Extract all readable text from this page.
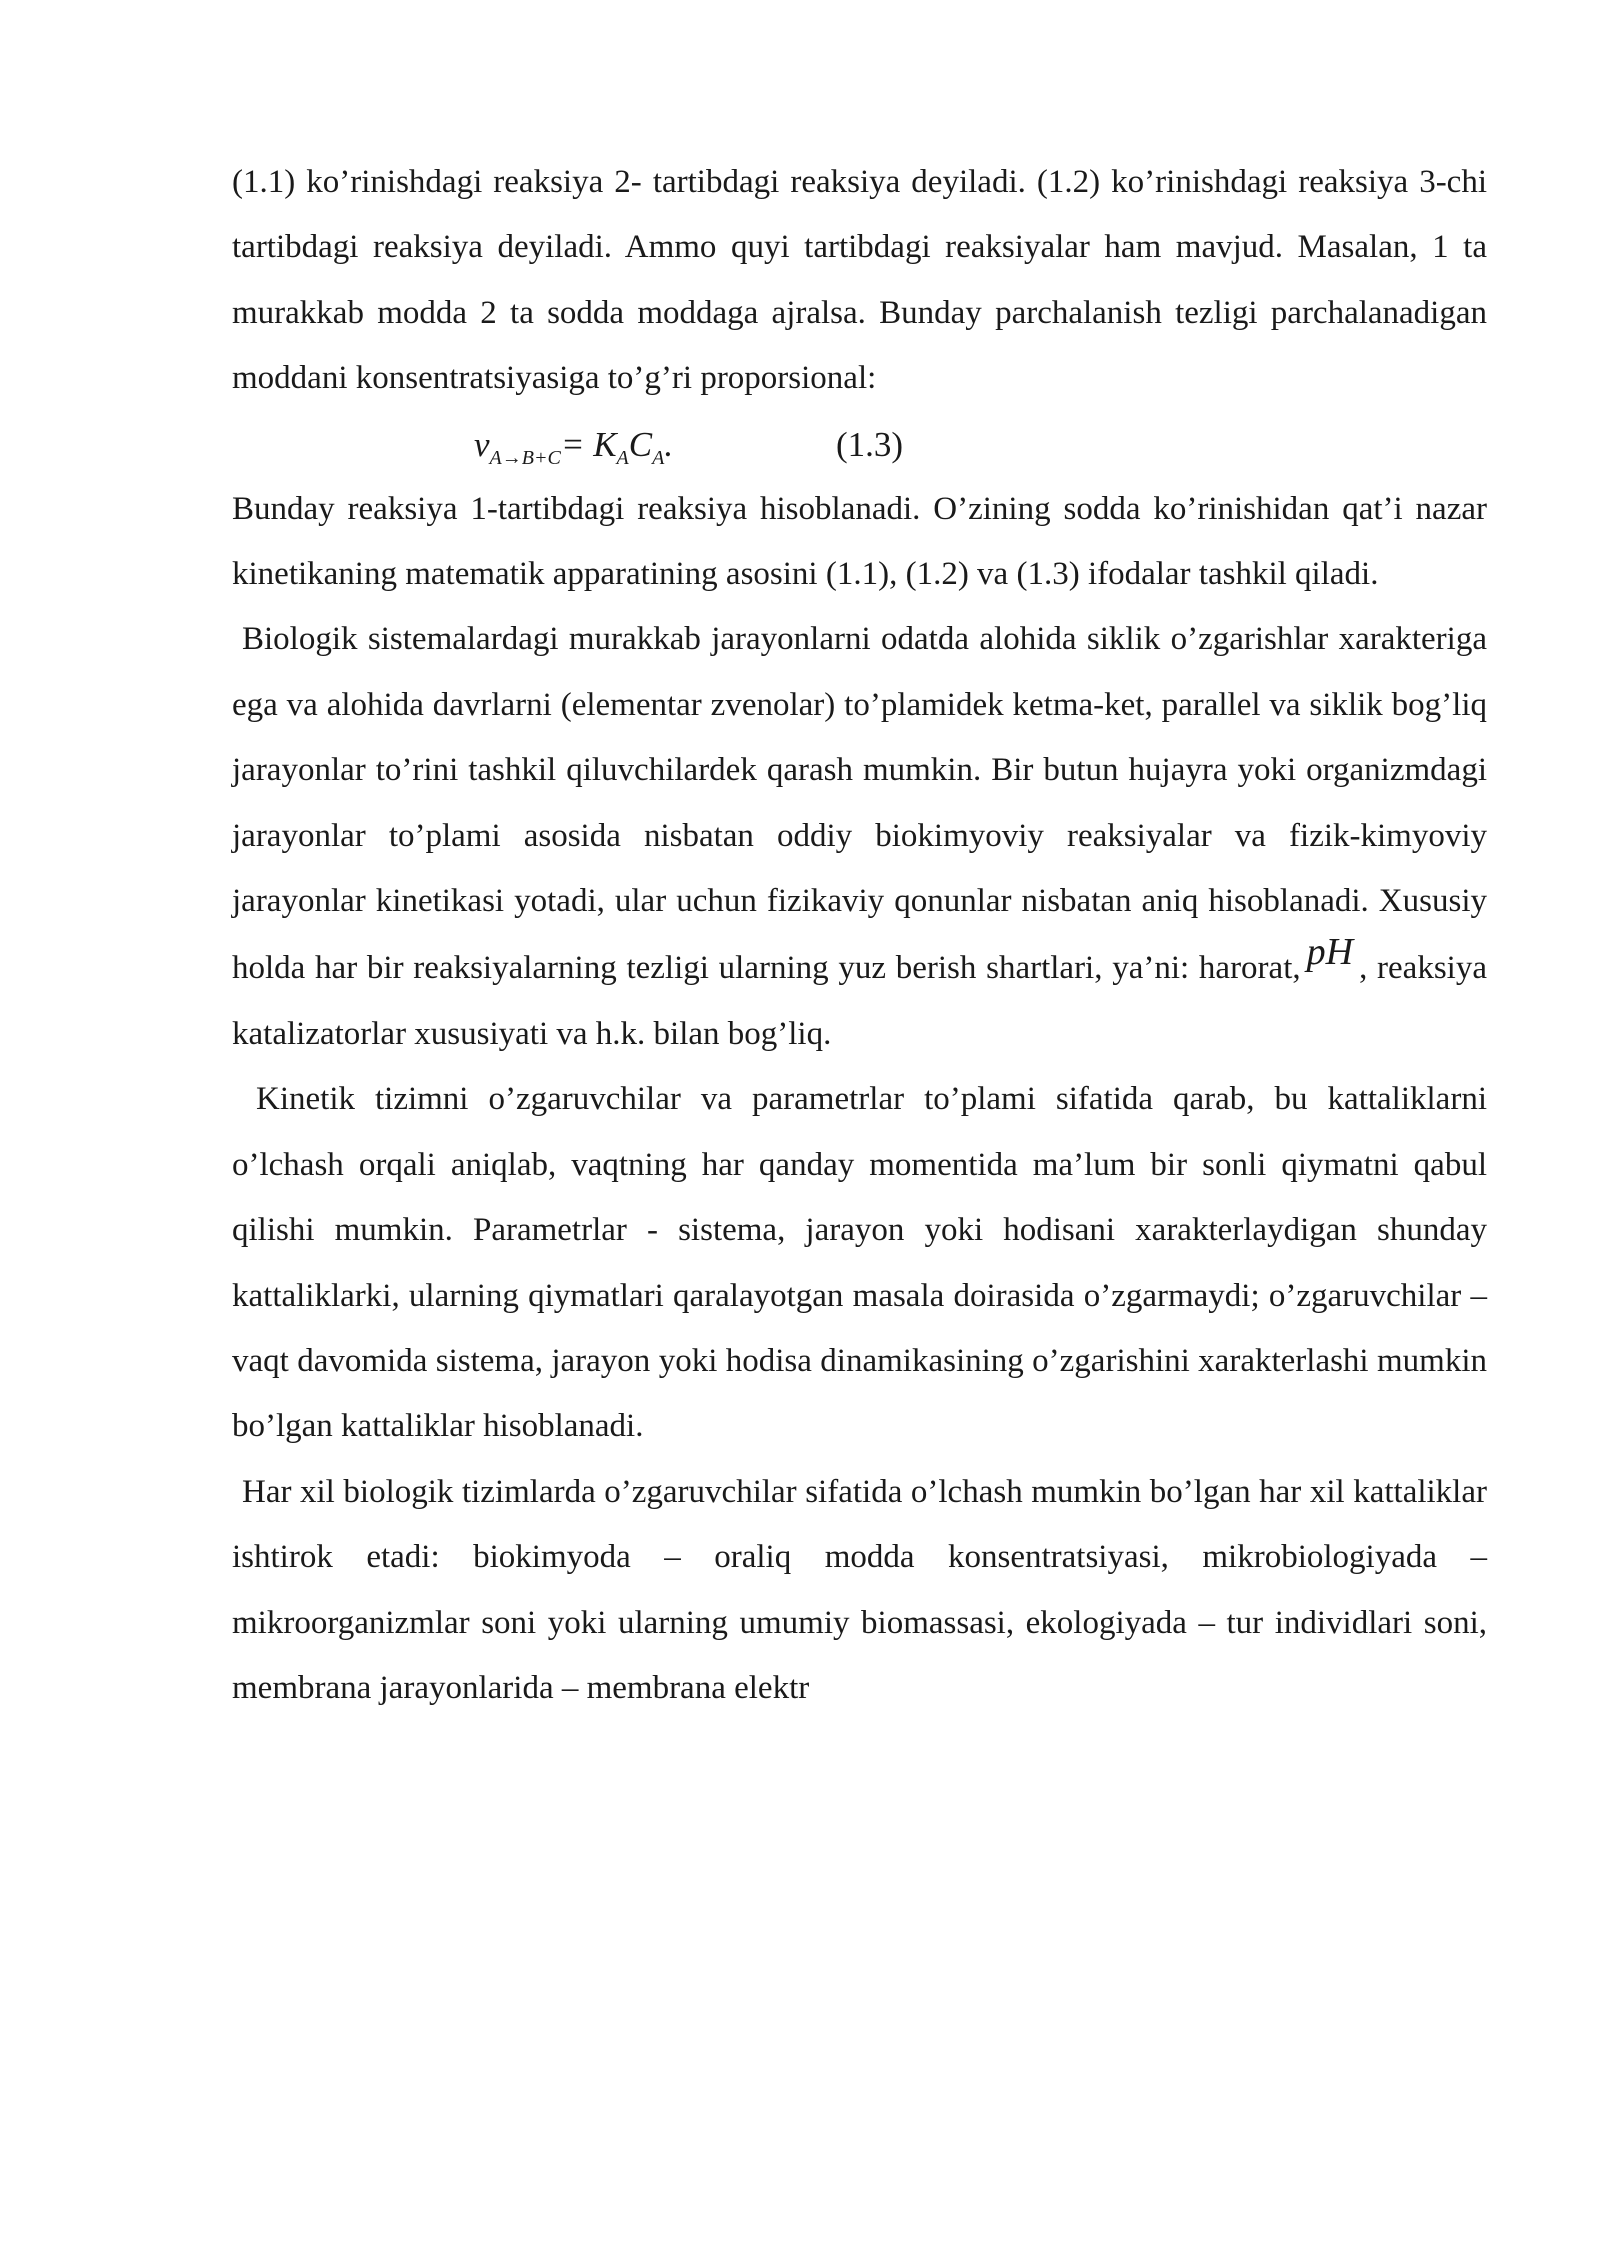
(1.1) ko’rinishdagi reaksiya 2- tartibdagi reaksiya deyiladi. (1.2) ko’rinishdagi reaksiya 3-chi tartibdagi reaksiya deyiladi. Ammo quyi tartibdagi reaksiyalar ham mavjud. Masalan, 1 ta murakkab modda 2 ta sodda moddaga ajralsa. Bunday parchalanish tezligi parchalanadigan moddani konsentratsiyasiga to’g’ri proporsional:

$v_{A\to B+C}= K_AC_A$.	(1.3)

Bunday reaksiya 1-tartibdagi reaksiya hisoblanadi. O’zining sodda ko’rinishidan qat’i nazar kinetikaning matematik apparatining asosini (1.1), (1.2) va (1.3) ifodalar tashkil qiladi.

Biologik sistemalardagi murakkab jarayonlarni odatda alohida siklik o’zgarishlar xarakteriga ega va alohida davrlarni (elementar zvenolar) to’plamidek ketma-ket, parallel va siklik bog’liq jarayonlar to’rini tashkil qiluvchilardek qarash mumkin. Bir butun hujayra yoki organizmdagi jarayonlar to’plami asosida nisbatan oddiy biokimyoviy reaksiyalar va fizik-kimyoviy jarayonlar kinetikasi yotadi, ular uchun fizikaviy qonunlar nisbatan aniq hisoblanadi. Xususiy holda har bir reaksiyalarning tezligi ularning yuz berish shartlari, ya’ni: harorat, pH , reaksiya katalizatorlar xususiyati va h.k. bilan bog’liq.

Kinetik tizimni o’zgaruvchilar va parametrlar to’plami sifatida qarab, bu kattaliklarni o’lchash orqali aniqlab, vaqtning har qanday momentida ma’lum bir sonli qiymatni qabul qilishi mumkin. Parametrlar - sistema, jarayon yoki hodisani xarakterlaydigan shunday kattaliklarki, ularning qiymatlari qaralayotgan masala doirasida o’zgarmaydi; o’zgaruvchilar – vaqt davomida sistema, jarayon yoki hodisa dinamikasining o’zgarishini xarakterlashi mumkin bo’lgan kattaliklar hisoblanadi.

Har xil biologik tizimlarda o’zgaruvchilar sifatida o’lchash mumkin bo’lgan har xil kattaliklar ishtirok etadi: biokimyoda – oraliq modda konsentratsiyasi, mikrobiologiyada – mikroorganizmlar soni yoki ularning umumiy biomassasi, ekologiyada – tur individlari soni, membrana jarayonlarida – membrana elektr
